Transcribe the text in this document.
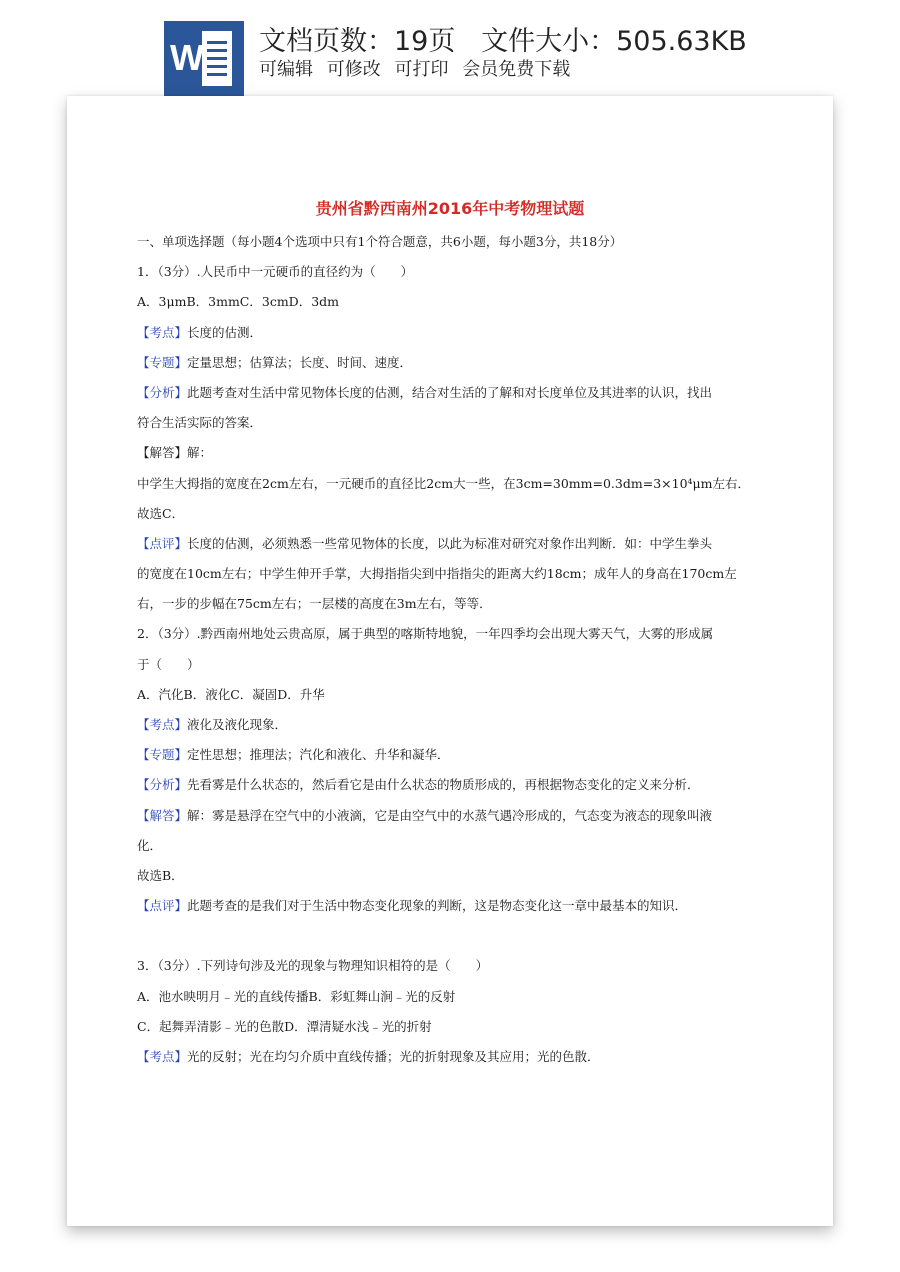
W 文档页数：19页   文件大小：505.63KB
可编辑 可修改 可打印 会员免费下载
贵州省黔西南州2016年中考物理试题
一、单项选择题（每小题4个选项中只有1个符合题意，共6小题，每小题3分，共18分）
1．（3分）.人民币中一元硬币的直径约为（　　）
A．3μmB．3mmC．3cmD．3dm
【考点】长度的估测．
【专题】定量思想；估算法；长度、时间、速度．
【分析】此题考查对生活中常见物体长度的估测，结合对生活的了解和对长度单位及其进率的认识，找出
符合生活实际的答案．
【解答】解：
中学生大拇指的宽度在2cm左右，一元硬币的直径比2cm大一些，在3cm=30mm=0.3dm=3×10⁴μm左右．
故选C．
【点评】长度的估测，必须熟悉一些常见物体的长度，以此为标准对研究对象作出判断．如：中学生拳头
的宽度在10cm左右；中学生伸开手掌，大拇指指尖到中指指尖的距离大约18cm；成年人的身高在170cm左
右，一步的步幅在75cm左右；一层楼的高度在3m左右，等等．
2．（3分）.黔西南州地处云贵高原，属于典型的喀斯特地貌，一年四季均会出现大雾天气，大雾的形成属
于（　　）
A．汽化B．液化C．凝固D．升华
【考点】液化及液化现象．
【专题】定性思想；推理法；汽化和液化、升华和凝华．
【分析】先看雾是什么状态的，然后看它是由什么状态的物质形成的，再根据物态变化的定义来分析．
【解答】解：雾是悬浮在空气中的小液滴，它是由空气中的水蒸气遇冷形成的，气态变为液态的现象叫液
化．
故选B．
【点评】此题考查的是我们对于生活中物态变化现象的判断，这是物态变化这一章中最基本的知识．
3．（3分）.下列诗句涉及光的现象与物理知识相符的是（　　）
A．池水映明月﹣光的直线传播B．彩虹舞山涧﹣光的反射
C．起舞弄清影﹣光的色散D．潭清疑水浅﹣光的折射
【考点】光的反射；光在均匀介质中直线传播；光的折射现象及其应用；光的色散．
